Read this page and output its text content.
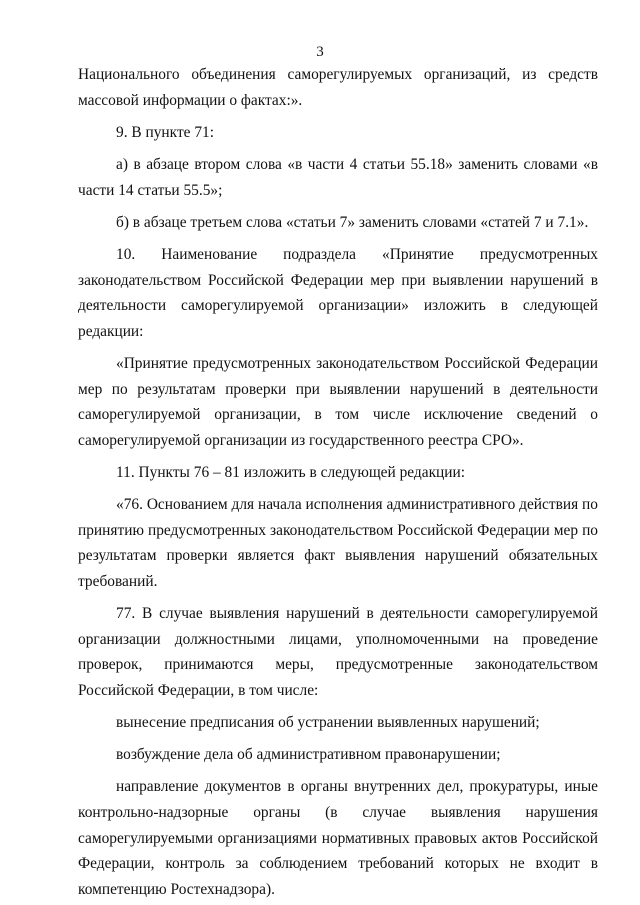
3

Национального объединения саморегулируемых организаций, из средств массовой информации о фактах:».

9. В пункте 71:

а) в абзаце втором слова «в части 4 статьи 55.18» заменить словами «в части 14 статьи 55.5»;

б) в абзаце третьем слова «статьи 7» заменить словами «статей 7 и 7.1».

10. Наименование подраздела «Принятие предусмотренных законодательством Российской Федерации мер при выявлении нарушений в деятельности саморегулируемой организации» изложить в следующей редакции:

«Принятие предусмотренных законодательством Российской Федерации мер по результатам проверки при выявлении нарушений в деятельности саморегулируемой организации, в том числе исключение сведений о саморегулируемой организации из государственного реестра СРО».

11. Пункты 76 – 81 изложить в следующей редакции:

«76. Основанием для начала исполнения административного действия по принятию предусмотренных законодательством Российской Федерации мер по результатам проверки является факт выявления нарушений обязательных требований.

77. В случае выявления нарушений в деятельности саморегулируемой организации должностными лицами, уполномоченными на проведение проверок, принимаются меры, предусмотренные законодательством Российской Федерации, в том числе:

вынесение предписания об устранении выявленных нарушений;

возбуждение дела об административном правонарушении;

направление документов в органы внутренних дел, прокуратуры, иные контрольно-надзорные органы (в случае выявления нарушения саморегулируемыми организациями нормативных правовых актов Российской Федерации, контроль за соблюдением требований которых не входит в компетенцию Ростехнадзора).
